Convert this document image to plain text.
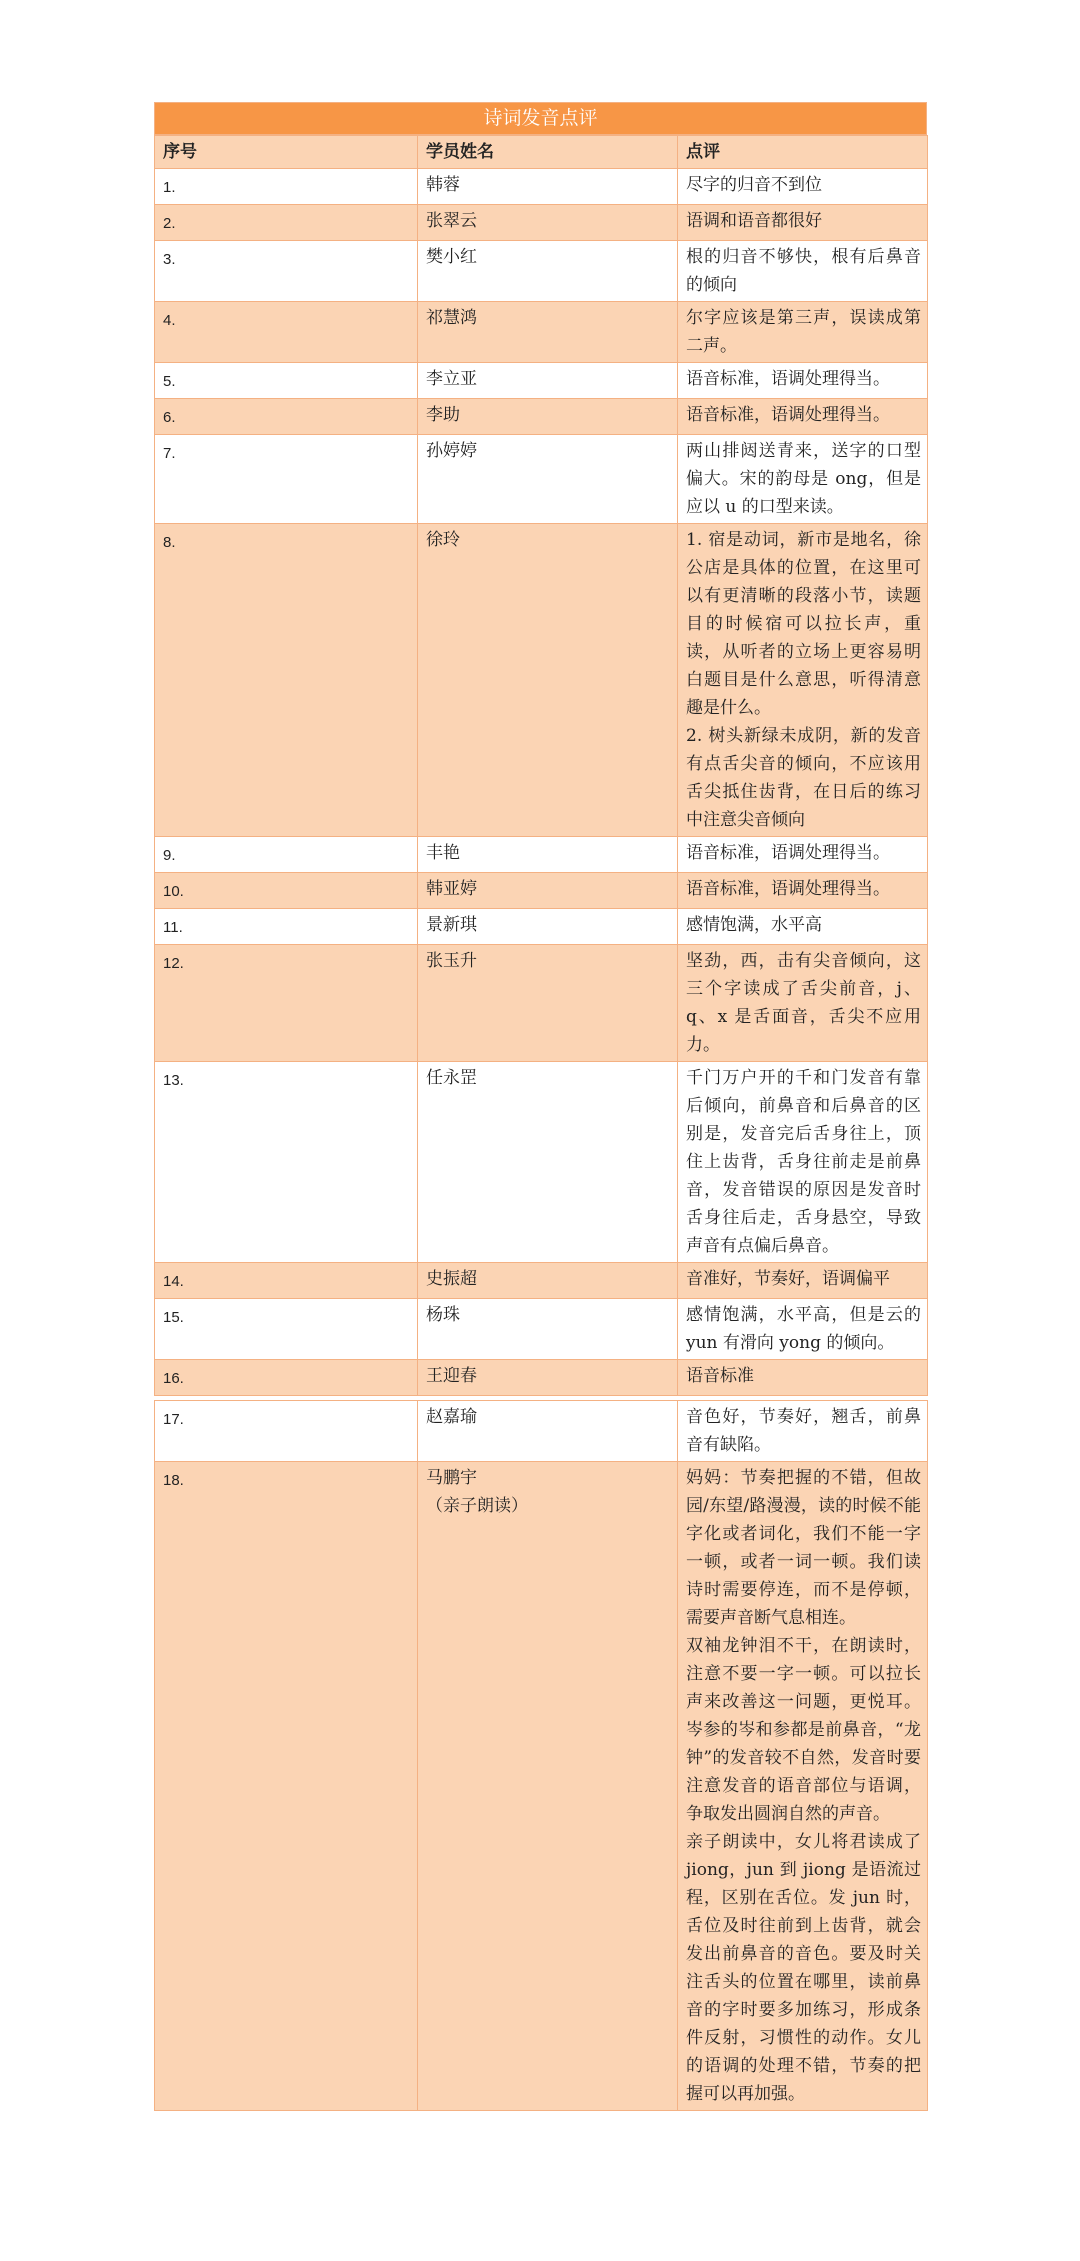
诗词发音点评
序号	学员姓名	点评
1.	韩蓉	尽字的归音不到位

2.	张翠云	语调和语音都很好

3.	樊小红	根的归音不够快，根有后鼻音的倾向

4.	祁慧鸿	尔字应该是第三声，误读成第二声。

5.	李立亚	语音标准，语调处理得当。

6.	李助	语音标准，语调处理得当。

7.	孙婷婷	两山排闼送青来，送字的口型偏大。宋的韵母是 ong，但是应以 u 的口型来读。

8.	徐玲	1. 宿是动词，新市是地名，徐公店是具体的位置，在这里可以有更清晰的段落小节，读题目的时候宿可以拉长声，重读，从听者的立场上更容易明白题目是什么意思，听得清意趣是什么。
2. 树头新绿未成阴，新的发音有点舌尖音的倾向，不应该用舌尖抵住齿背，在日后的练习中注意尖音倾向

9.	丰艳	语音标准，语调处理得当。

10.	韩亚婷	语音标准，语调处理得当。

11.	景新琪	感情饱满，水平高

12.	张玉升	坚劲，西，击有尖音倾向，这三个字读成了舌尖前音，j、q、x 是舌面音，舌尖不应用力。

13.	任永罡	千门万户开的千和门发音有靠后倾向，前鼻音和后鼻音的区别是，发音完后舌身往上，顶住上齿背，舌身往前走是前鼻音，发音错误的原因是发音时舌身往后走，舌身悬空，导致声音有点偏后鼻音。

14.	史振超	音准好，节奏好，语调偏平

15.	杨珠	感情饱满，水平高，但是云的 yun 有滑向 yong 的倾向。

16.	王迎春	语音标准

17.	赵嘉瑜	音色好，节奏好，翘舌，前鼻音有缺陷。

18.	马鹏宇
（亲子朗读）	妈妈：节奏把握的不错，但故园/东望/路漫漫，读的时候不能字化或者词化，我们不能一字一顿，或者一词一顿。我们读诗时需要停连，而不是停顿，需要声音断气息相连。
双袖龙钟泪不干，在朗读时，注意不要一字一顿。可以拉长声来改善这一问题，更悦耳。岑参的岑和参都是前鼻音，“龙钟”的发音较不自然，发音时要注意发音的语音部位与语调，争取发出圆润自然的声音。
亲子朗读中，女儿将君读成了 jiong，jun 到 jiong 是语流过程，区别在舌位。发 jun 时，舌位及时往前到上齿背，就会发出前鼻音的音色。要及时关注舌头的位置在哪里，读前鼻音的字时要多加练习，形成条件反射，习惯性的动作。女儿的语调的处理不错，节奏的把握可以再加强。
